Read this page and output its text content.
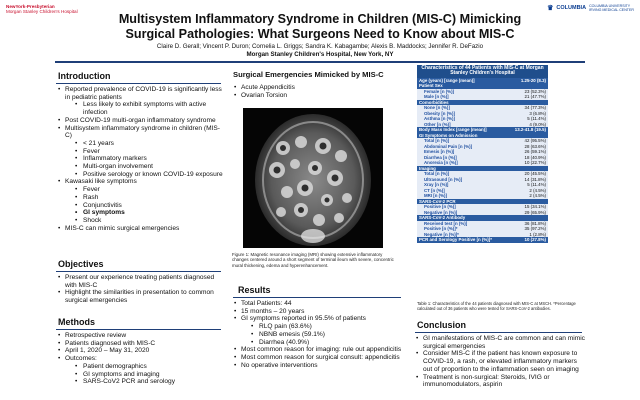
NewYork-Presbyterian
Morgan Stanley Children's Hospital	♛ COLUMBIA COLUMBIA UNIVERSITY
IRVING MEDICAL CENTER
Multisystem Inflammatory Syndrome in Children (MIS-C) Mimicking
Surgical Pathologies: What Surgeons Need to Know about MIS-C
Claire D. Gerall; Vincent P. Duron; Cornelia L. Griggs; Sandra K. Kabagambe; Alexis B. Maddocks; Jennifer R. DeFazio
Morgan Stanley Children's Hospital, New York, NY
Introduction
• Reported prevalence of COVID-19 is significantly less in pediatric patients
• Less likely to exhibit symptoms with active infection
• Post COVID-19 multi-organ inflammatory syndrome
• Multisystem inflammatory syndrome in children (MIS-C)
• < 21 years
• Fever
• Inflammatory markers
• Multi-organ involvement
• Positive serology or known COVID-19 exposure
• Kawasaki like symptoms
• Fever
• Rash
• Conjunctivitis
• GI symptoms
• Shock
• MIS-C can mimic surgical emergencies
Objectives
• Present our experience treating patients diagnosed with MIS-C
• Highlight the similarities in presentation to common surgical emergencies
Methods
• Retrospective review
• Patients diagnosed with MIS-C
• April 1, 2020 – May 31, 2020
• Outcomes:
• Patient demographics
• GI symptoms and imaging
• SARS-CoV2 PCR and serology
Surgical Emergencies Mimicked by MIS-C
• Acute Appendicitis
• Ovarian Torsion
Figure 1: Magnetic resonance imaging (MRI) showing extensive inflammatory changes centered around a short segment of terminal ileum with severe, concentric mural thickening, edema and hyperenhancement.
Results
• Total Patients: 44
• 15 months – 20 years
• GI symptoms reported in 95.5% of patients
• RLQ pain (63.6%)
• NBNB emesis (59.1%)
• Diarrhea (40.9%)
• Most common reason for imaging: rule out appendicitis
• Most common reason for surgical consult: appendicitis
• No operative interventions
Characteristics of 44 Patients with MIS-C at Morgan Stanley Children's Hospital	
Age (years) [range (mean)]	1.25-20 (8.3)
Patient Sex	
Female [n (%)]	23 (52.3%)
Male [n (%)]	21 (47.7%)
Comorbidities	
None [n (%)]	34 (77.3%)
Obesity [n (%)]	3 (6.8%)
Asthma [n (%)]	5 (11.4%)
Other [n (%)]	4 (9.0%)
Body Mass Index [range (mean)]	13.2-41.8 (19.5)
GI Symptoms on Admission	
Total [n (%)]	42 (95.5%)
Abdominal Pain [n (%)]	28 (63.6%)
Emesis [n (%)]	26 (59.1%)
Diarrhea [n (%)]	18 (40.9%)
Anorexia [n (%)]	10 (22.7%)
Imaging	
Total [n (%)]	20 (45.5%)
Ultrasound [n (%)]	14 (31.8%)
Xray [n (%)]	5 (11.4%)
CT [n (%)]	2 (4.5%)
MRI [n (%)]	2 (4.5%)
SARS-CoV-2 PCR	
Positive [n (%)]	15 (34.1%)
Negative [n (%)]	29 (65.9%)
SARS-CoV-2 Antibody	
Received test [n (%)]	36 (81.8%)
Positive [n (%)]*	35 (97.2%)
Negative [n (%)]*	1 (2.8%)
PCR and Serology Positive [n (%)]*	10 (27.8%)
Table 1: Characteristics of the 44 patients diagnosed with MIS-C at MSCH. *Percentage calculated out of 36 patients who were tested for SARS-CoV-2 antibodies.
Conclusion
• GI manifestations of MIS-C are common and can mimic surgical emergencies
• Consider MIS-C if the patient has known exposure to COVID-19, a rash, or elevated inflammatory markers out of proportion to the inflammation seen on imaging
• Treatment is non-surgical: Steroids, IVIG or immunomodulators, aspirin
